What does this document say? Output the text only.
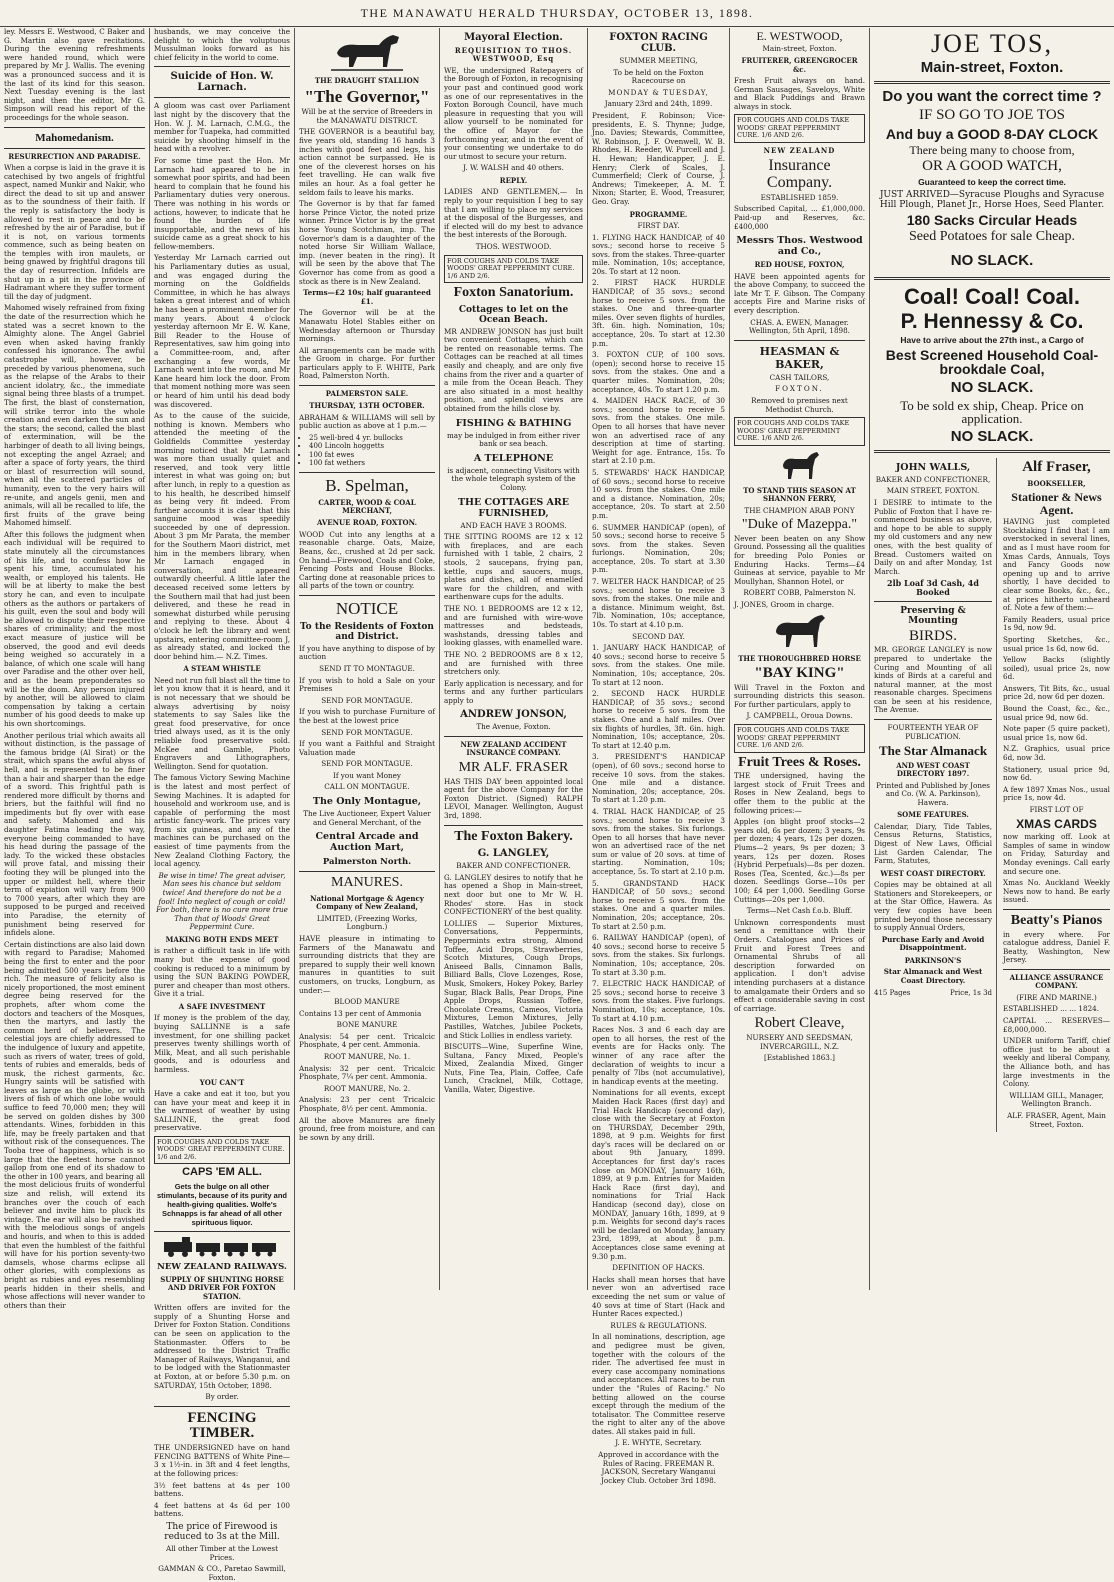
THE MANAWATU HERALD THURSDAY, OCTOBER 13, 1898.

ley. Messrs E. Westwood, C Baker and G. Martin also gave recitations. During the evening refreshments were handed round, which were prepared by Mr J. Wallis. The evening was a pronounced success and it is the last of its kind for this season. Next Tuesday evening is the last night, and then the editor, Mr G. Simpson will read his report of the proceedings for the whole season.

Mahomedanism.
RESURRECTION AND PARADISE.

When a corpse is laid in the grave it is catechised by two angels of frightful aspect, named Munkir and Nakir, who direct the dead to sit up and answer as to the soundness of their faith. If the reply is satisfactory the body is allowed to rest in peace and to be refreshed by the air of Paradise, but if it is not, on various torments commence, such as being beaten on the temples with iron maulets, or being gnawed by frightful dragons till the day of resurrection. Infidels are shut up in a pit in the province of Hadramant where they suffer torment till the day of judgment.

Mahomed wisely refrained from fixing the date of the resurrection which he stated was a secret known to the Almighty alone. The Angel Gabriel even when asked having frankly confessed his ignorance. The awful catastrophe will, however, be preceded by various phenomena, such as the relapse of the Arabs to their ancient idolatry, &c., the immediate signal being three blasts of a trumpet. The first, the blast of consternation, will strike terror into the whole creation and even darken the sun and the stars; the second, called the blast of extermination, will be the harbinger of death to all living beings, not excepting the angel Azrael; and after a space of forty years, the third or blast of resurrection will sound, when all the scattered particles of humanity, even to the very hairs will re-unite, and angels genii, men and animals, will all be recalled to life, the first fruits of the grave being Mahomed himself.

After this follows the judgment when each individual will be required to state minutely all the circumstances of his life, and to confess how he spent his time, accumulated his wealth, or employed his talents. He will be at liberty to make the best story he can, and even to inculpate others as the authors or partakers of his guilt, even the soul and body will be allowed to dispute their respective shares of criminality; and the most exact measure of justice will be observed, the good and evil deeds being weighed so accurately in a balance, of which one scale will hang over Paradise and the other over hell, and as the beam preponderates so will be the doom. Any person injured by another, will be allowed to claim compensation by taking a certain number of his good deeds to make up his own shortcomings.

Another perilous trial which awaits all without distinction, is the passage of the famous bridge (Al Sirat) or the strait, which spans the awful abyss of hell, and is represented to be finer than a hair and sharper than the edge of a sword. This frightful path is rendered more difficult by thorns and briers, but the faithful will find no impediments but fly over with ease and safety. Mahomed and his daughter Fatima leading the way, everyone being commanded to have his head during the passage of the lady. To the wicked these obstacles will prove fatal, and missing their footing they will be plunged into the upper or mildest hell, where their term of expiation will vary from 900 to 7000 years, after which they are supposed to be purged and received into Paradise, the eternity of punishment being reserved for infidels alone.

Certain distinctions are also laid down with regard to Paradise; Mahomed being the first to enter and the poor being admitted 500 years before the rich. The measure of felicity also is nicely proportioned, the most eminent degree being reserved for the prophets, after whom come the doctors and teachers of the Mosques, then the martyrs, and lastly the common herd of believers. The celestial joys are chiefly addressed to the indulgence of luxury and appetite, such as rivers of water, trees of gold, tents of rubies and emeralds, beds of musk, the richest garments, &c. Hungry saints will be satisfied with leaves as large as the globe, or with livers of fish of which one lobe would suffice to feed 70,000 men; they will be served on golden dishes by 300 attendants. Wines, forbidden in this life, may be freely partaken and that without risk of the consequences. The Tooba tree of happiness, which is so large that the fleetest horse cannot gallop from one end of its shadow to the other in 100 years, and bearing all the most delicious fruits of wonderful size and relish, will extend its branches over the couch of each believer and invite him to pluck its vintage. The ear will also be ravished with the melodious songs of angels and houris, and when to this is added that even the humblest of the faithful will have for his portion seventy-two damsels, whose charms eclipse all other glories, with complexions as bright as rubies and eyes resembling pearls hidden in their shells, and whose affections will never wander to others than their

husbands, we may conceive the delight to which the voluptuous Mussulman looks forward as his chief felicity in the world to come.

Suicide of Hon. W. Larnach.

A gloom was cast over Parliament last night by the discovery that the Hon. W. J. M. Larnach, C.M.G., the member for Tuapeka, had committed suicide by shooting himself in the head with a revolver.

For some time past the Hon. Mr Larnach had appeared to be in somewhat poor spirits, and had been heard to complain that he found his Parliamentary duties very onerous. There was nothing in his words or actions, however, to indicate that he found the burden of life insupportable, and the news of his suicide came as a great shock to his fellow-members.

Yesterday Mr Larnach carried out his Parliamentary duties as usual, and was engaged during the morning on the Goldfields Committee, in which he has always taken a great interest and of which he has been a prominent member for many years. About 4 o'clock yesterday afternoon Mr E. W. Kane, Bill Reader to the House of Representatives, saw him going into a Committee-room, and, after exchanging a few words, Mr Larnach went into the room, and Mr Kane heard him lock the door. From that moment nothing more was seen or heard of him until his dead body was discovered.

As to the cause of the suicide, nothing is known. Members who attended the meeting of the Goldfields Committee yesterday morning noticed that Mr Larnach was more than usually quiet and reserved, and took very little interest in what was going on; but after lunch, in reply to a question as to his health, he described himself as being very fit indeed. From further accounts it is clear that this sanguine mood was speedily succeeded by one of depression. About 3 pm Mr Parata, the member for the Southern Maori district, met him in the members library, when Mr Larnach engaged in conversation, and appeared outwardly cheerful. A little later the deceased received some letters by the Southern mail that had just been delivered, and these he read in somewhat disturbed while perusing and replying to these. About 4 o'clock he left the library and went upstairs, entering committee-room J, as already stated, and locked the door behind him.— N.Z. Times.

A STEAM WHISTLE

Need not run full blast all the time to let you know that it is heard, and it is not necessary that we should be always advertising by noisy statements to say Sales like the great food preservative, for once tried always used, as it is the only reliable food preservative sold. McKee and Gamble, Photo Engravers and Lithographers, Wellington. Send for quotation.

The famous Victory Sewing Machine is the latest and most perfect of Sewing Machines. It is adapted for household and workroom use, and is capable of performing the most artistic fancy-work. The prices vary from six guineas, and any of the machines can be purchased on the easiest of time payments from the New Zealand Clothing Factory, the local agency.

Be wise in time! The great adviser, Man sees his chance but seldom twice! And therefore do not be a fool! Into neglect of cough or cold! For both, there is no cure more true Than that of Woods' Great Peppermint Cure.

MAKING BOTH ENDS MEET

is rather a difficult task in life with many but the expense of good cooking is reduced to a minimum by using the SUN BAKING POWDER, purer and cheaper than most others. Give it a trial.

A SAFE INVESTMENT

If money is the problem of the day, buying SALLINNE is a safe investment, for one shilling packet preserves twenty shillings worth of Milk, Meat, and all such perishable goods, and is odourless and harmless.

YOU CAN'T

Have a cake and eat it too, but you can have your meat and keep it in the warmest of weather by using SALLINNE, the great food preservative.

FOR COUGHS AND COLDS TAKE WOODS' GREAT PEPPERMINT CURE. 1/6 and 2/6.
CAPS 'EM ALL.

Gets the bulge on all other stimulants, because of its purity and health-giving qualities. Wolfe's Schnapps is far ahead of all other spirituous liquor.

NEW ZEALAND RAILWAYS.
SUPPLY OF SHUNTING HORSE AND DRIVER FOR FOXTON STATION.

Written offers are invited for the supply of a Shunting Horse and Driver for Foxton Station. Conditions can be seen on application to the Stationmaster. Offers to be addressed to the District Traffic Manager of Railways, Wanganui, and to be lodged with the Stationmaster at Foxton, at or before 5.30 p.m. on SATURDAY, 15th October, 1898.

By order.

FENCING TIMBER.

THE UNDERSIGNED have on hand FENCING BATTENS of White Pine—3 x 1½-in. in 3ft and 4 feet lengths, at the following prices:

3½ feet battens at 4s per 100 battens.

4 feet battens at 4s 6d per 100 battens.

The price of Firewood is reduced to 3s at the Mill.

All other Timber at the Lowest Prices.

GAMMAN & CO., Paretao Sawmill, Foxton.

THE DRAUGHT STALLION
"The Governor,"

Will be at the service of Breeders in the MANAWATU DISTRICT.

THE GOVERNOR is a beautiful bay, five years old, standing 16 hands 3 inches with good feet and legs, his action cannot be surpassed. He is one of the cleverest horses on his feet travelling. He can walk five miles an hour. As a foal getter he seldom fails to leave his marks.

The Governor is by that far famed horse Prince Victor, the noted prize winner. Prince Victor is by the great horse Young Scotchman, imp. The Governor's dam is a daughter of the noted horse Sir William Wallace, imp. (never beaten in the ring). It will be seen by the above that The Governor has come from as good a stock as there is in New Zealand.

Terms—£2 10s; half guaranteed £1.

The Governor will be at the Manawatu Hotel Stables either on Wednesday afternoon or Thursday mornings.

All arrangements can be made with the Groom in charge. For further particulars apply to F. WHITE, Park Road, Palmerston North.

PALMERSTON SALE.
THURSDAY, 13TH OCTOBER.

ABRAHAM & WILLIAMS will sell by public auction as above at 1 p.m.—

• 25 well-bred 4 yr. bullocks
• 400 Lincoln hoggetts
• 100 fat ewes
• 100 fat wethers
B. Spelman,
CARTER, WOOD & COAL MERCHANT,
AVENUE ROAD, FOXTON.

WOOD Cut into any lengths at a reasonable charge. Oats, Maize, Beans, &c., crushed at 2d per sack. On hand—Firewood, Coals and Coke, Fencing Posts and House Blocks. Carting done at reasonable prices to all parts of the town or country.

NOTICE
To the Residents of Foxton and District.

If you have anything to dispose of by auction

SEND IT TO MONTAGUE.

If you wish to hold a Sale on your Premises

SEND FOR MONTAGUE.

If you wish to purchase Furniture of the best at the lowest price

SEND FOR MONTAGUE.

If you want a Faithful and Straight Valuation made

SEND FOR MONTAGUE.

If you want Money

CALL ON MONTAGUE.

The Only Montague,

The Live Auctioneer, Expert Valuer and General Merchant, of the

Central Arcade and Auction Mart,
Palmerston North.
MANURES.
National Mortgage & Agency Company of New Zealand,

LIMITED, (Freezing Works, Longburn.)

HAVE pleasure in intimating to Farmers of the Manawatu and surrounding districts that they are prepared to supply their well known manures in quantities to suit customers, on trucks, Longburn, as under:—

BLOOD MANURE

Contains 13 per cent of Ammonia

BONE MANURE

Analysis: 54 per cent. Tricalcic Phosphate, 4 per cent. Ammonia.

ROOT MANURE, No. 1.

Analysis: 32 per cent. Tricalcic Phosphate, 7¼ per cent. Ammonia.

ROOT MANURE, No. 2.

Analysis: 23 per cent Tricalcic Phosphate, 8½ per cent. Ammonia.

All the above Manures are finely ground, free from moisture, and can be sown by any drill.

Mayoral Election.
REQUISITION TO THOS. WESTWOOD, Esq

WE, the undersigned Ratepayers of the Borough of Foxton, in recognising your past and continued good work as one of our representatives in the Foxton Borough Council, have much pleasure in requesting that you will allow yourself to be nominated for the office of Mayor for the forthcoming year, and in the event of your consenting we undertake to do our utmost to secure your return.

J. W. WALSH and 40 others.

REPLY.

LADIES AND GENTLEMEN,— In reply to your requisition I beg to say that I am willing to place my services at the disposal of the Burgesses, and if elected will do my best to advance the best interests of the Borough.

THOS. WESTWOOD.

FOR COUGHS AND COLDS TAKE WOODS' GREAT PEPPERMINT CURE. 1/6 AND 2/6.
Foxton Sanatorium.
Cottages to let on the Ocean Beach.

MR ANDREW JONSON has just built two convenient Cottages, which can be rented on reasonable terms. The Cottages can be reached at all times easily and cheaply, and are only five chains from the river and a quarter of a mile from the Ocean Beach. They are also situated in a most healthy position, and splendid views are obtained from the hills close by.

FISHING & BATHING

may be indulged in from either river bank or sea beach.

A TELEPHONE

is adjacent, connecting Visitors with the whole telegraph system of the Colony.

THE COTTAGES ARE FURNISHED,

AND EACH HAVE 3 ROOMS.

THE SITTING ROOMS are 12 x 12 with fireplaces, and are each furnished with 1 table, 2 chairs, 2 stools, 2 saucepans, frying pan, kettle, cups and saucers, mugs, plates and dishes, all of enamelled ware for the children, and with earthenware cups for the adults.

THE NO. 1 BEDROOMS are 12 x 12, and are furnished with wire-wove mattresses and bedsteads, washstands, dressing tables and looking glasses, with enamelled ware.

THE NO. 2 BEDROOMS are 8 x 12, and are furnished with three stretchers only.

Early application is necessary, and for terms and any further particulars apply to

ANDREW JONSON,

The Avenue, Foxton.

NEW ZEALAND ACCIDENT INSURANCE COMPANY.
MR ALF. FRASER

HAS THIS DAY been appointed local agent for the above Company for the Foxton District. (Signed) RALPH LEVOI, Manager. Wellington, August 3rd, 1898.

The Foxton Bakery.
G. LANGLEY,

BAKER AND CONFECTIONER.

G. LANGLEY desires to notify that he has opened a Shop in Main-street, next door but one to Mr W. H. Rhodes' store. Has in stock CONFECTIONERY of the best quality.

LOLLIES — Superior Mixtures, Conversations, Peppermints, Peppermints extra strong, Almond Toffee, Acid Drops, Strawberries, Scotch Mixtures, Cough Drops, Aniseed Balls, Cinnamon Balls, Billiard Balls, Clove Lozenges, Rose, Musk, Smokers, Hokey Pokey, Barley Sugar, Black Balls, Pear Drops, Pine Apple Drops, Russian Toffee, Chocolate Creams, Cameos, Victoria Mixtures, Lemon Mixtures, Jelly Pastilles, Watches, Jubilee Pockets, and Stick Lollies in endless variety.

BISCUITS—Wine, Superfine Wine, Sultana, Fancy Mixed, People's Mixed, Zealandia Mixed, Ginger Nuts, Fine Tea, Plain, Coffee, Cafe Lunch, Cracknel, Milk, Cottage, Vanilla, Water, Digestive.

FOXTON RACING CLUB.

SUMMER MEETING,

To be held on the Foxton Racecourse on

MONDAY & TUESDAY,

January 23rd and 24th, 1899.

President, F. Robinson; Vice-presidents, E. S. Thynne; Judge, Jno. Davies; Stewards, Committee, W. Robinson, J. F. Ovenwell, W. B. Rhodes, H. Reeder, W. Purcell and J. H. Hewan; Handicapper, J. E. Henry; Clerk of Scales, J. Cummerfield; Clerk of Course, J. Andrews; Timekeeper, A. M. T. Nixon; Starter, E. Wood, Treasurer, Geo. Gray.

PROGRAMME.

FIRST DAY.

1. FLYING HACK HANDICAP, of 40 sovs.; second horse to receive 5 sovs. from the stakes. Three-quarter mile. Nomination, 10s; acceptance, 20s. To start at 12 noon.

2. FIRST HACK HURDLE HANDICAP, of 35 sovs.; second horse to receive 5 sovs. from the stakes. One and three-quarter miles. Over seven flights of hurdles, 3ft. 6in. high. Nomination, 10s; acceptance, 20s. To start at 12.30 p.m.

3. FOXTON CUP, of 100 sovs. (open); second horse to receive 15 sovs. from the stakes. One and a quarter miles. Nomination, 20s; acceptance, 40s. To start 1.20 p.m.

4. MAIDEN HACK RACE, of 30 sovs.; second horse to receive 5 sovs. from the stakes. One mile. Open to all horses that have never won an advertised race of any description at time of starting. Weight for age. Entrance, 15s. To start at 2.10 p.m.

5. STEWARDS' HACK HANDICAP, of 60 sovs.; second horse to receive 10 sovs. from the stakes. One mile and a distance. Nomination, 20s; acceptance, 20s. To start at 2.50 p.m.

6. SUMMER HANDICAP (open), of 50 sovs.; second horse to receive 5 sovs. from the stakes. Seven furlongs. Nomination, 20s; acceptance, 20s. To start at 3.30 p.m.

7. WELTER HACK HANDICAP, of 25 sovs.; second horse to receive 3 sovs. from the stakes. One mile and a distance. Minimum weight, 8st. 7lb. Nomination, 10s; acceptance, 10s. To start at 4.10 p.m.

SECOND DAY.

1. JANUARY HACK HANDICAP, of 40 sovs.; second horse to receive 5 sovs. from the stakes. One mile. Nomination, 10s; acceptance, 20s. To start at 12 noon.

2. SECOND HACK HURDLE HANDICAP, of 35 sovs.; second horse to receive 5 sovs. from the stakes. One and a half miles. Over six flights of hurdles, 3ft. 6in. high. Nomination, 10s; acceptance, 20s. To start at 12.40 p.m.

3. PRESIDENT'S HANDICAP (open), of 60 sovs.; second horse to receive 10 sovs. from the stakes. One mile and a distance. Nomination, 20s; acceptance, 20s. To start at 1.20 p.m.

4. TRIAL HACK HANDICAP, of 25 sovs.; second horse to receive 3 sovs. from the stakes. Six furlongs. Open to all horses that have never won an advertised race of the net sum or value of 20 sovs. at time of starting. Nomination, 10s; acceptance, 5s. To start at 2.10 p.m.

5. GRANDSTAND HACK HANDICAP, of 50 sovs.; second horse to receive 5 sovs. from the stakes. One and a quarter miles. Nomination, 20s; acceptance, 20s. To start at 2.50 p.m.

6. RAILWAY HANDICAP (open), of 40 sovs.; second horse to receive 5 sovs. from the stakes. Six furlongs. Nomination, 10s; acceptance, 20s. To start at 3.30 p.m.

7. ELECTRIC HACK HANDICAP, of 25 sovs.; second horse to receive 3 sovs. from the stakes. Five furlongs. Nomination, 10s; acceptance, 10s. To start at 4.10 p.m.

Races Nos. 3 and 6 each day are open to all horses, the rest of the events are for Hacks only. The winner of any race after the declaration of weights to incur a penalty of 7lbs (not accumulative), in handicap events at the meeting.

Nominations for all events, except Maiden Hack Races (first day) and Trial Hack Handicap (second day), close with the Secretary at Foxton on THURSDAY, December 29th, 1898, at 9 p.m. Weights for first day's races will be declared on or about 9th January, 1899. Acceptances for first day's races close on MONDAY, January 16th, 1899, at 9 p.m. Entries for Maiden Hack Race (first day), and nominations for Trial Hack Handicap (second day), close on MONDAY, January 16th, 1899, at 9 p.m. Weights for second day's races will be declared on Monday, January 23rd, 1899, at about 8 p.m. Acceptances close same evening at 9.30 p.m.

DEFINITION OF HACKS.

Hacks shall mean horses that have never won an advertised race exceeding the net sum or value of 40 sovs at time of Start (Hack and Hunter Races expected.)

RULES & REGULATIONS.

In all nominations, description, age and pedigree must be given, together with the colours of the rider. The advertised fee must in every case accompany nominations and acceptances. All races to be run under the "Rules of Racing." No betting allowed on the course except through the medium of the totalisator. The Committee reserve the right to alter any of the above dates. All stakes paid in full.

J. E. WHYTE, Secretary.

Approved in accordance with the Rules of Racing. FREEMAN R. JACKSON, Secretary Wanganui Jockey Club. October 3rd 1898.

E. WESTWOOD,

Main-street, Foxton.

FRUITERER, GREENGROCER &c.

Fresh Fruit always on hand. German Sausages, Saveloys, White and Black Puddings and Brawn always in stock.

FOR COUGHS AND COLDS TAKE WOODS' GREAT PEPPERMINT CURE. 1/6 AND 2/6.
NEW ZEALAND
Insurance Company.

ESTABLISHED 1859.

Subscribed Capital, ... £1,000,000. Paid-up and Reserves, &c. £400,000

Messrs Thos. Westwood and Co.,
RED HOUSE, FOXTON,

HAVE been appointed agents for the above Company, to succeed the late Mr T. F. Gibson. The Company accepts Fire and Marine risks of every description.

CHAS. A. EWEN, Manager. Wellington, 5th April, 1898.

HEASMAN & BAKER,

CASH TAILORS,

FOXTON.

Removed to premises next Methodist Church.

FOR COUGHS AND COLDS TAKE WOODS' GREAT PEPPERMINT CURE. 1/6 AND 2/6.
TO STAND THIS SEASON AT SHANNON FERRY,

THE CHAMPION ARAB PONY

"Duke of Mazeppa."

Never been beaten on any Show Ground. Possessing all the qualities for breeding Polo Ponies or Enduring Hacks. Terms—£4 Guineas at service, payable to Mr Moullyhan, Shannon Hotel, or

ROBERT COBB, Palmerston N.

J. JONES, Groom in charge.

THE THOROUGHBRED HORSE
"BAY KING"

Will Travel in the Foxton and surrounding districts this season. For further particulars, apply to

J. CAMPBELL, Oroua Downs.

FOR COUGHS AND COLDS TAKE WOODS' GREAT PEPPERMINT CURE. 1/6 AND 2/6.
Fruit Trees & Roses.

THE undersigned, having the largest stock of Fruit Trees and Roses in New Zealand, begs to offer them to the public at the following prices:—

Apples (on blight proof stocks—2 years old, 6s per dozen; 3 years, 9s per dozen; 4 years, 12s per dozen. Plums—2 years, 9s per dozen; 3 years, 12s per dozen. Roses (Hybrid Perpetuals)—8s per dozen. Roses (Tea, Scented, &c.)—8s per dozen. Seedlings Gorse—10s per 100; £4 per 1,000. Seedling Gorse Cuttings—20s per 1,000.

Terms—Net Cash f.o.b. Bluff.

Unknown correspondents must send a remittance with their Orders. Catalogues and Prices of Fruit and Forest Trees and Ornamental Shrubs of all description forwarded on application. I don't advise intending purchasers at a distance to amalgamate their Orders and so effect a considerable saving in cost of carriage.

Robert Cleave,

NURSERY AND SEEDSMAN, INVERCARGILL, N.Z.

[Established 1863.]

JOE TOS,
Main-street, Foxton.
Do you want the correct time ?
IF SO GO TO JOE TOS
And buy a GOOD 8-DAY CLOCK
There being many to choose from,
OR A GOOD WATCH,
Guaranteed to keep the correct time.

JUST ARRIVED—Syracuse Ploughs and Syracuse Hill Plough, Planet Jr., Horse Hoes, Seed Planter.

180 Sacks Circular Heads
Seed Potatoes for sale Cheap.
NO SLACK.
Coal! Coal! Coal.
P. Hennessy & Co.
Have to arrive about the 27th inst., a Cargo of
Best Screened Household Coal- brookdale Coal,
NO SLACK.
To be sold ex ship, Cheap. Price on application.
NO SLACK.
JOHN WALLS,

BAKER AND CONFECTIONER,

MAIN STREET, FOXTON.

I DESIRE to intimate to the Public of Foxton that I have re-commenced business as above, and hope to be able to supply my old customers and any new ones, with the best quality of Bread. Customers waited on Daily on and after Monday, 1st March.

2lb Loaf 3d Cash, 4d Booked

Preserving & Mounting
BIRDS.

MR. GEORGE LANGLEY is now prepared to undertake the Curing and Mounting of all kinds of Birds at a careful and natural manner, at the most reasonable charges. Specimens can be seen at his residence, The Avenue.

FOURTEENTH YEAR OF PUBLICATION.

The Star Almanack
AND WEST COAST DIRECTORY 1897.

Printed and Published by Jones and Co. (W. A. Parkinson), Hawera.

SOME FEATURES.

Calendar, Diary, Tide Tables, Census Returns, Statistics, Digest of New Laws, Official List Garden Calendar, The Farm, Statutes,

WEST COAST DIRECTORY.

Copies may be obtained at all Stationers and Storekeepers, or at the Star Office, Hawera. As very few copies have been printed beyond those necessary to supply Annual Orders,

Purchase Early and Avoid Disappointment.

PARKINSON'S

Star Almanack and West Coast Directory.

415 Pages	Price, 1s 3d
Alf Fraser,
BOOKSELLER,
Stationer & News Agent.

HAVING just completed Stocktaking I find that I am overstocked in several lines, and as I must have room for Xmas Cards, Annuals, Toys and Fancy Goods now opening up and to arrive shortly, I have decided to clear some Books, &c., &c., at prices hitherto unheard of. Note a few of them:—

Family Readers, usual price 1s 9d, now 9d.

Sporting Sketches, &c., usual price 1s 6d, now 6d.

Yellow Backs (slightly soiled), usual price 2s, now 6d.

Answers, Tit Bits, &c., usual price 2d, now 6d per dozen.

Bound the Coast, &c., &c., usual price 9d, now 6d.

Note paper (5 quire packet), usual price 1s, now 6d.

N.Z. Graphics, usual price 6d, now 3d.

Stationery, usual price 9d, now 6d.

A few 1897 Xmas Nos., usual price 1s, now 4d.

FIRST LOT OF

XMAS CARDS

now marking off. Look at Samples of same in window on Friday, Saturday and Monday evenings. Call early and secure one.

Xmas No. Auckland Weekly News now to hand. Be early issued.

Beatty's Pianos

in every where. For catalogue address, Daniel F. Beatty, Washington, New Jersey.

ALLIANCE ASSURANCE COMPANY.

(FIRE AND MARINE.)

ESTABLISHED ... ... 1824.

CAPITAL ... RESERVES— £8,000,000.

UNDER uniform Tariff, chief office just to be about a weekly and liberal Company, the Alliance both, and has large investments in the Colony.

WILLIAM GILL, Manager, Wellington Branch.

ALF. FRASER, Agent, Main Street, Foxton.
